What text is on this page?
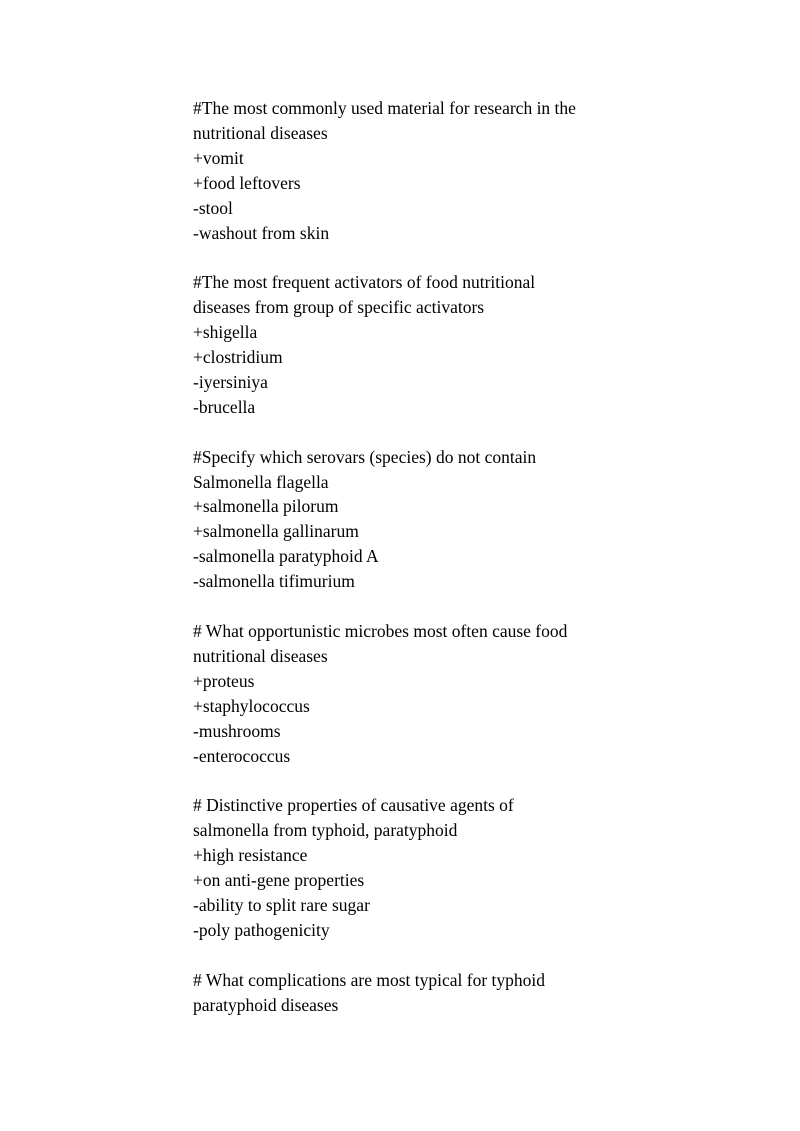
#The most commonly used material for research in the
nutritional diseases
+vomit
+food leftovers
-stool
-washout from skin
#The most frequent activators of food nutritional
diseases from group of specific activators
+shigella
+clostridium
-iyersiniya
-brucella
#Specify which serovars (species) do not contain
Salmonella flagella
+salmonella pilorum
+salmonella gallinarum
-salmonella paratyphoid A
-salmonella tifimurium
# What opportunistic microbes most often cause food
nutritional diseases
+proteus
+staphylococcus
-mushrooms
-enterococcus
# Distinctive properties of causative agents of
salmonella from typhoid, paratyphoid
+high resistance
+on anti-gene properties
-ability to split rare sugar
-poly pathogenicity
# What complications are most typical for typhoid
paratyphoid diseases
